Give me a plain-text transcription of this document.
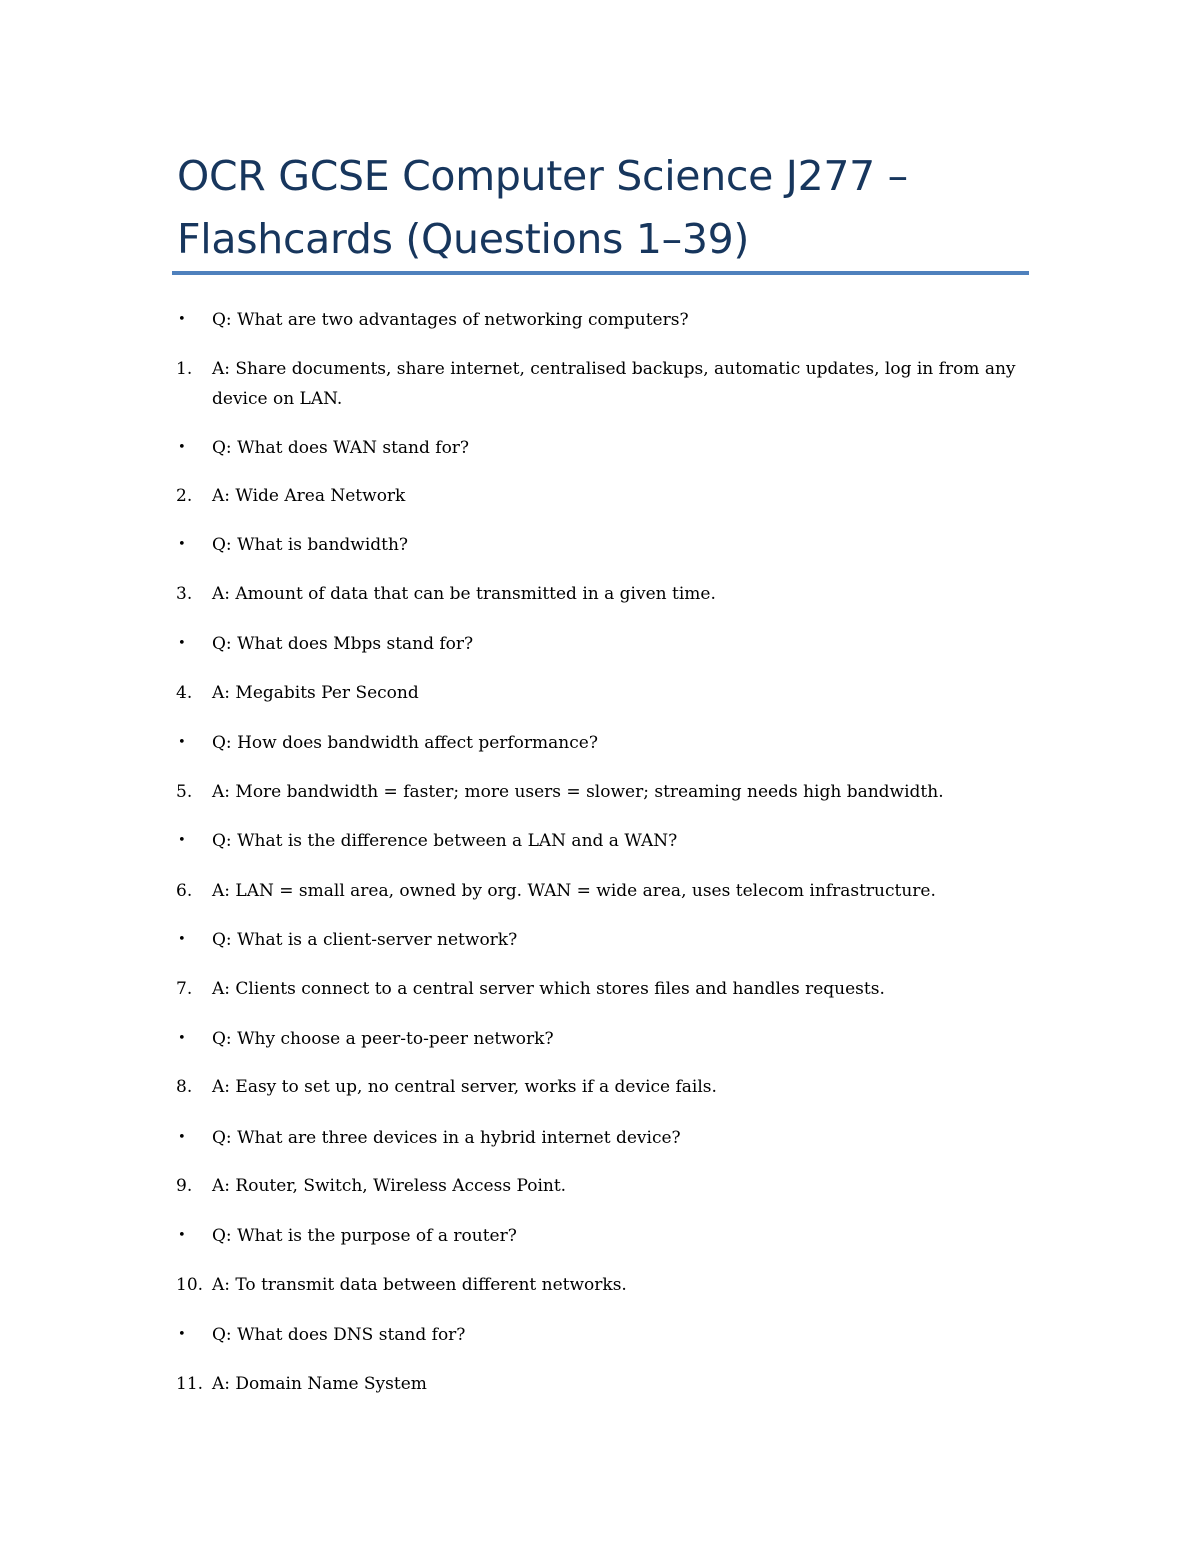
OCR GCSE Computer Science J277 – Flashcards (Questions 1–39)
•	Q: What are two advantages of networking computers?
1.	A: Share documents, share internet, centralised backups, automatic updates, log in from any device on LAN.
•	Q: What does WAN stand for?
2.	A: Wide Area Network
•	Q: What is bandwidth?
3.	A: Amount of data that can be transmitted in a given time.
•	Q: What does Mbps stand for?
4.	A: Megabits Per Second
•	Q: How does bandwidth affect performance?
5.	A: More bandwidth = faster; more users = slower; streaming needs high bandwidth.
•	Q: What is the difference between a LAN and a WAN?
6.	A: LAN = small area, owned by org. WAN = wide area, uses telecom infrastructure.
•	Q: What is a client-server network?
7.	A: Clients connect to a central server which stores files and handles requests.
•	Q: Why choose a peer-to-peer network?
8.	A: Easy to set up, no central server, works if a device fails.
•	Q: What are three devices in a hybrid internet device?
9.	A: Router, Switch, Wireless Access Point.
•	Q: What is the purpose of a router?
10. A: To transmit data between different networks.
•	Q: What does DNS stand for?
11. A: Domain Name System
